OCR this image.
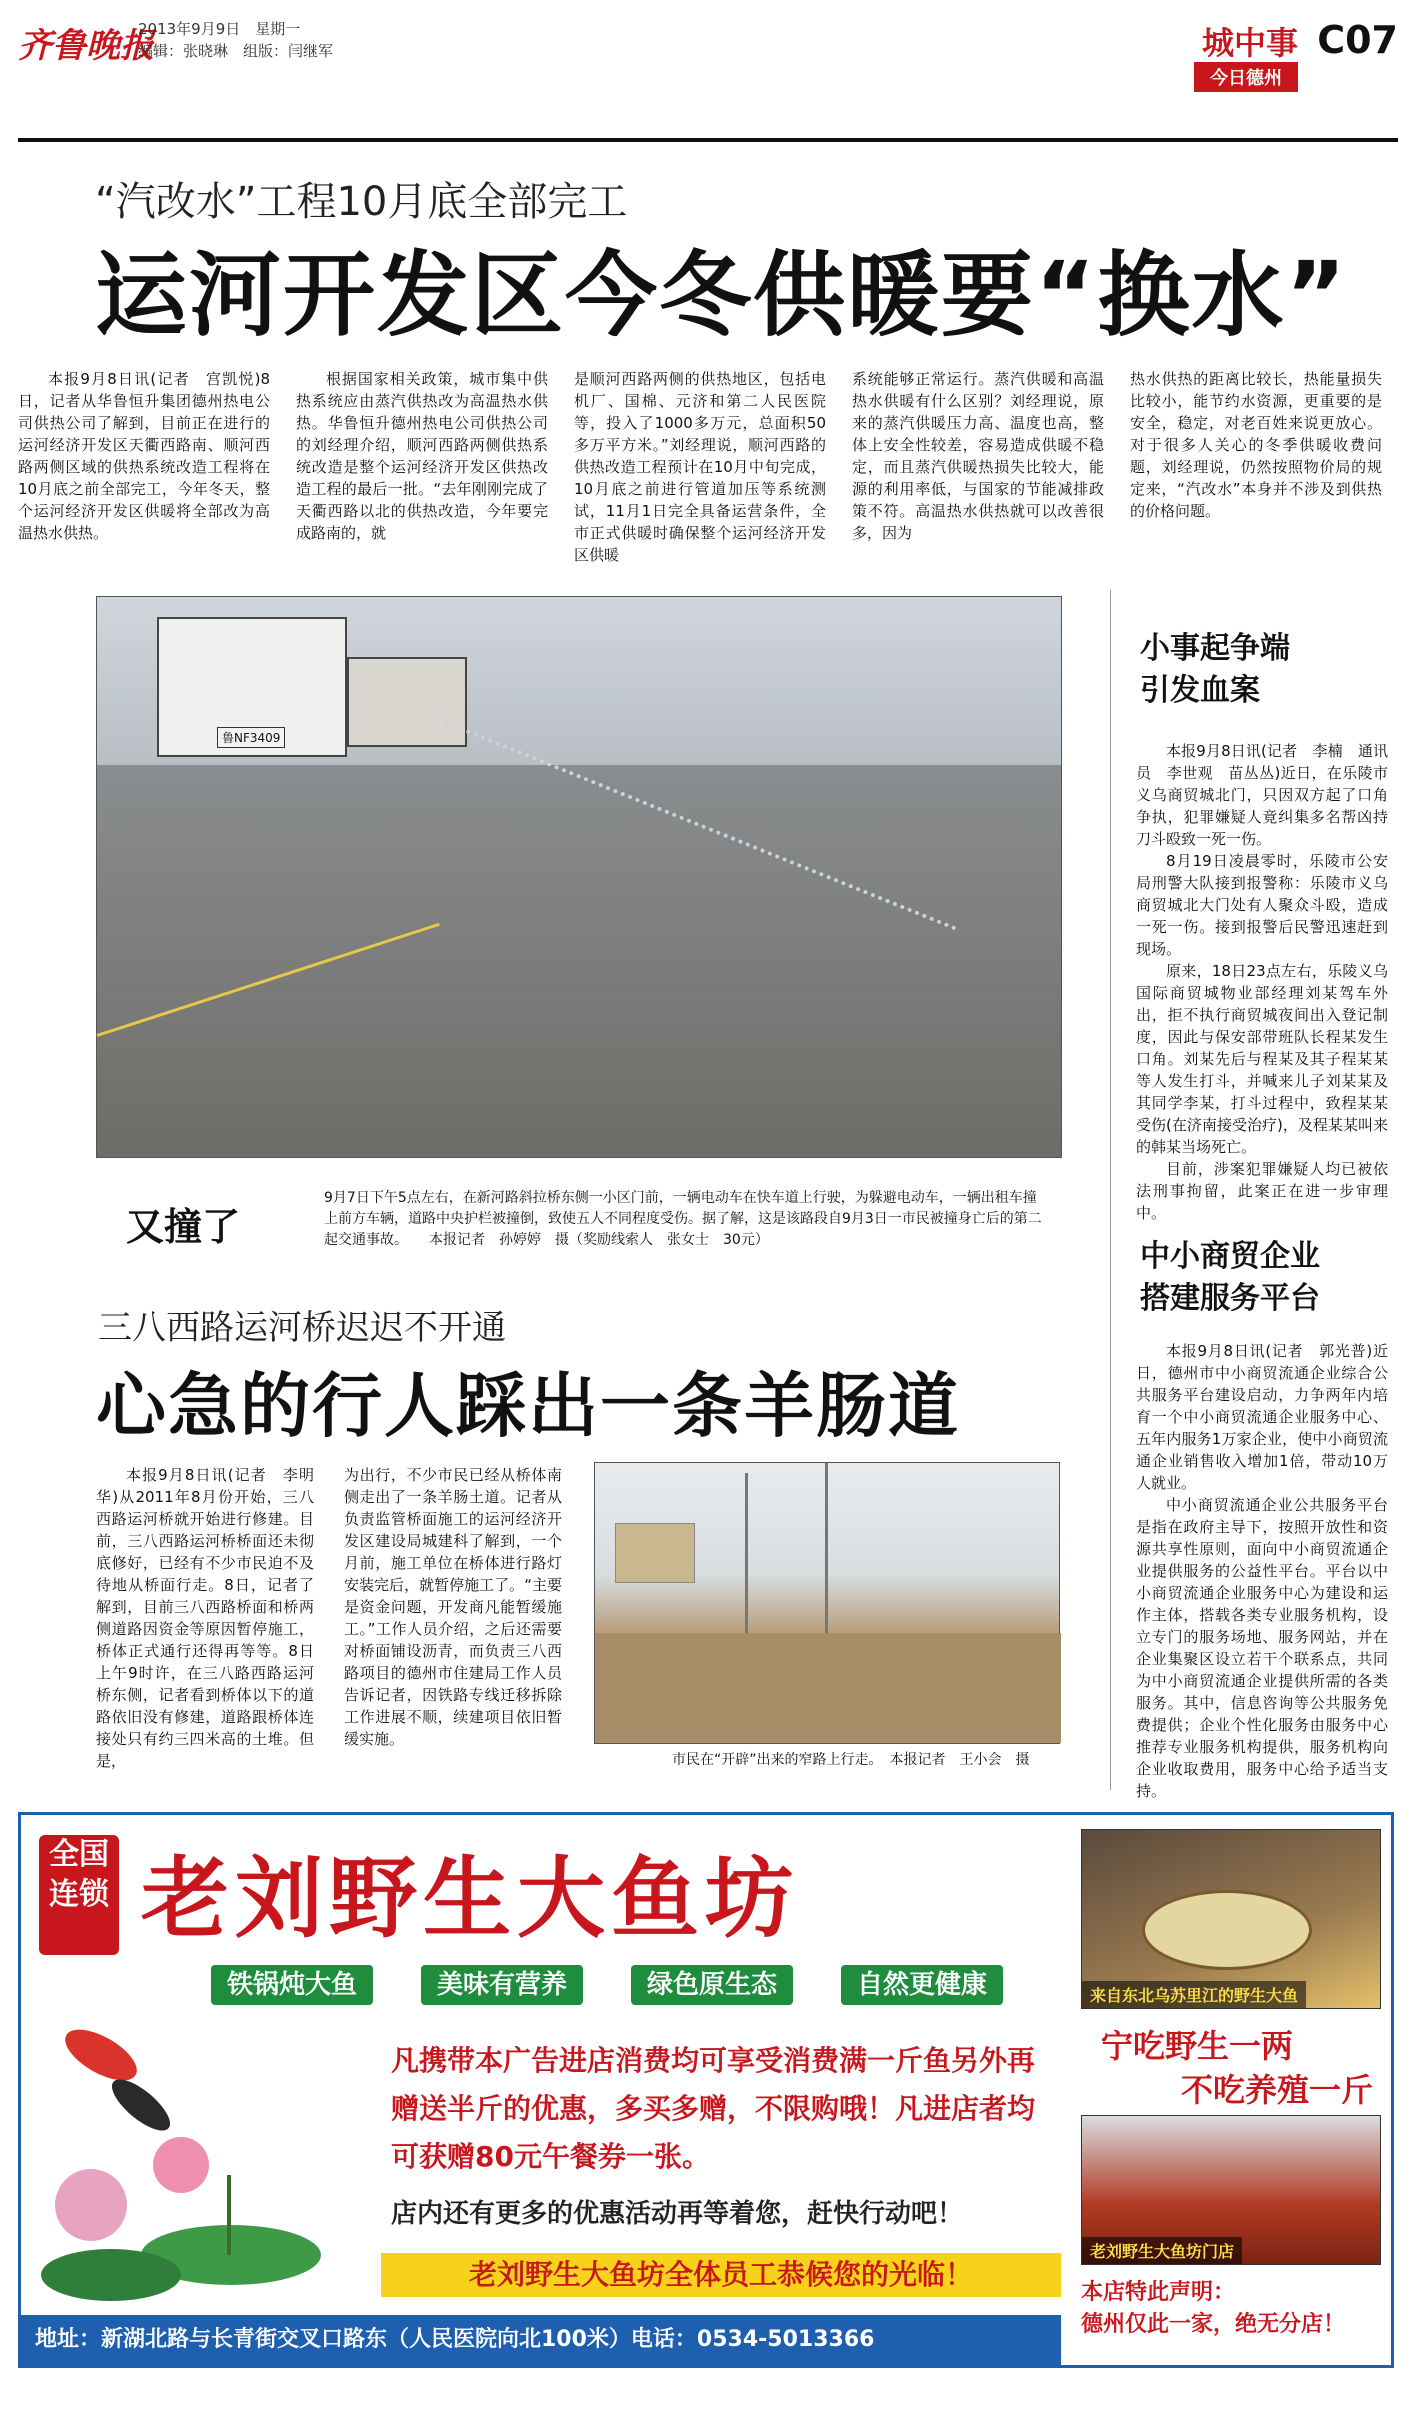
齐鲁晚报
2013年9月9日　星期一
编辑：张晓琳　组版：闫继军	城中事
今日德州
C07
“汽改水”工程10月底全部完工
运河开发区今冬供暖要“换水”

本报9月8日讯(记者　宫凯悦)8日，记者从华鲁恒升集团德州热电公司供热公司了解到，目前正在进行的运河经济开发区天衢西路南、顺河西路两侧区域的供热系统改造工程将在10月底之前全部完工，今年冬天，整个运河经济开发区供暖将全部改为高温热水供热。

根据国家相关政策，城市集中供热系统应由蒸汽供热改为高温热水供热。华鲁恒升德州热电公司供热公司的刘经理介绍，顺河西路两侧供热系统改造是整个运河经济开发区供热改造工程的最后一批。“去年刚刚完成了天衢西路以北的供热改造，今年要完成路南的，就

是顺河西路两侧的供热地区，包括电机厂、国棉、元济和第二人民医院等，投入了1000多万元，总面积50多万平方米。”刘经理说，顺河西路的供热改造工程预计在10月中旬完成，10月底之前进行管道加压等系统测试，11月1日完全具备运营条件，全市正式供暖时确保整个运河经济开发区供暖

系统能够正常运行。蒸汽供暖和高温热水供暖有什么区别？刘经理说，原来的蒸汽供暖压力高、温度也高，整体上安全性较差，容易造成供暖不稳定，而且蒸汽供暖热损失比较大，能源的利用率低，与国家的节能减排政策不符。高温热水供热就可以改善很多，因为

热水供热的距离比较长，热能量损失比较小，能节约水资源，更重要的是安全，稳定，对老百姓来说更放心。对于很多人关心的冬季供暖收费问题，刘经理说，仍然按照物价局的规定来，“汽改水”本身并不涉及到供热的价格问题。

鲁NF3409
又撞了
9月7日下午5点左右，在新河路斜拉桥东侧一小区门前，一辆电动车在快车道上行驶，为躲避电动车，一辆出租车撞上前方车辆，道路中央护栏被撞倒，致使五人不同程度受伤。据了解，这是该路段自9月3日一市民被撞身亡后的第二起交通事故。　　本报记者　孙婷婷　摄（奖励线索人　张女士　30元）
小事起争端
引发血案

本报9月8日讯(记者　李楠　通讯员　李世观　苗丛丛)近日，在乐陵市义乌商贸城北门，只因双方起了口角争执，犯罪嫌疑人竟纠集多名帮凶持刀斗殴致一死一伤。

8月19日凌晨零时，乐陵市公安局刑警大队接到报警称：乐陵市义乌商贸城北大门处有人聚众斗殴，造成一死一伤。接到报警后民警迅速赶到现场。

原来，18日23点左右，乐陵义乌国际商贸城物业部经理刘某驾车外出，拒不执行商贸城夜间出入登记制度，因此与保安部带班队长程某发生口角。刘某先后与程某及其子程某某等人发生打斗，并喊来儿子刘某某及其同学李某，打斗过程中，致程某某受伤(在济南接受治疗)，及程某某叫来的韩某当场死亡。

目前，涉案犯罪嫌疑人均已被依法刑事拘留，此案正在进一步审理中。

中小商贸企业
搭建服务平台

本报9月8日讯(记者　郭光普)近日，德州市中小商贸流通企业综合公共服务平台建设启动，力争两年内培育一个中小商贸流通企业服务中心、五年内服务1万家企业，使中小商贸流通企业销售收入增加1倍，带动10万人就业。

中小商贸流通企业公共服务平台是指在政府主导下，按照开放性和资源共享性原则，面向中小商贸流通企业提供服务的公益性平台。平台以中小商贸流通企业服务中心为建设和运作主体，搭载各类专业服务机构，设立专门的服务场地、服务网站，并在企业集聚区设立若干个联系点，共同为中小商贸流通企业提供所需的各类服务。其中，信息咨询等公共服务免费提供；企业个性化服务由服务中心推荐专业服务机构提供，服务机构向企业收取费用，服务中心给予适当支持。

三八西路运河桥迟迟不开通
心急的行人踩出一条羊肠道

本报9月8日讯(记者　李明华)从2011年8月份开始，三八西路运河桥就开始进行修建。目前，三八西路运河桥桥面还未彻底修好，已经有不少市民迫不及待地从桥面行走。8日，记者了解到，目前三八西路桥面和桥两侧道路因资金等原因暂停施工，桥体正式通行还得再等等。8日上午9时许，在三八路西路运河桥东侧，记者看到桥体以下的道路依旧没有修建，道路跟桥体连接处只有约三四米高的土堆。但是，

为出行，不少市民已经从桥体南侧走出了一条羊肠土道。记者从负责监管桥面施工的运河经济开发区建设局城建科了解到，一个月前，施工单位在桥体进行路灯安装完后，就暂停施工了。“主要是资金问题，开发商凡能暂缓施工。”工作人员介绍，之后还需要对桥面铺设沥青，而负责三八西路项目的德州市住建局工作人员告诉记者，因铁路专线迁移拆除工作进展不顺，续建项目依旧暂缓实施。

市民在“开辟”出来的窄路上行走。　本报记者　王小会　摄
全国连锁 老刘野生大鱼坊
铁锅炖大鱼	美味有营养	绿色原生态	自然更健康
凡携带本广告进店消费均可享受消费满一斤鱼另外再赠送半斤的优惠，多买多赠，不限购哦！凡进店者均可获赠80元午餐券一张。
店内还有更多的优惠活动再等着您，赶快行动吧！
老刘野生大鱼坊全体员工恭候您的光临！
地址：新湖北路与长青街交叉口路东（人民医院向北100米）电话：0534-5013366　15998778322
来自东北乌苏里江的野生大鱼
宁吃野生一两
不吃养殖一斤
老刘野生大鱼坊门店
本店特此声明：
德州仅此一家，绝无分店！
